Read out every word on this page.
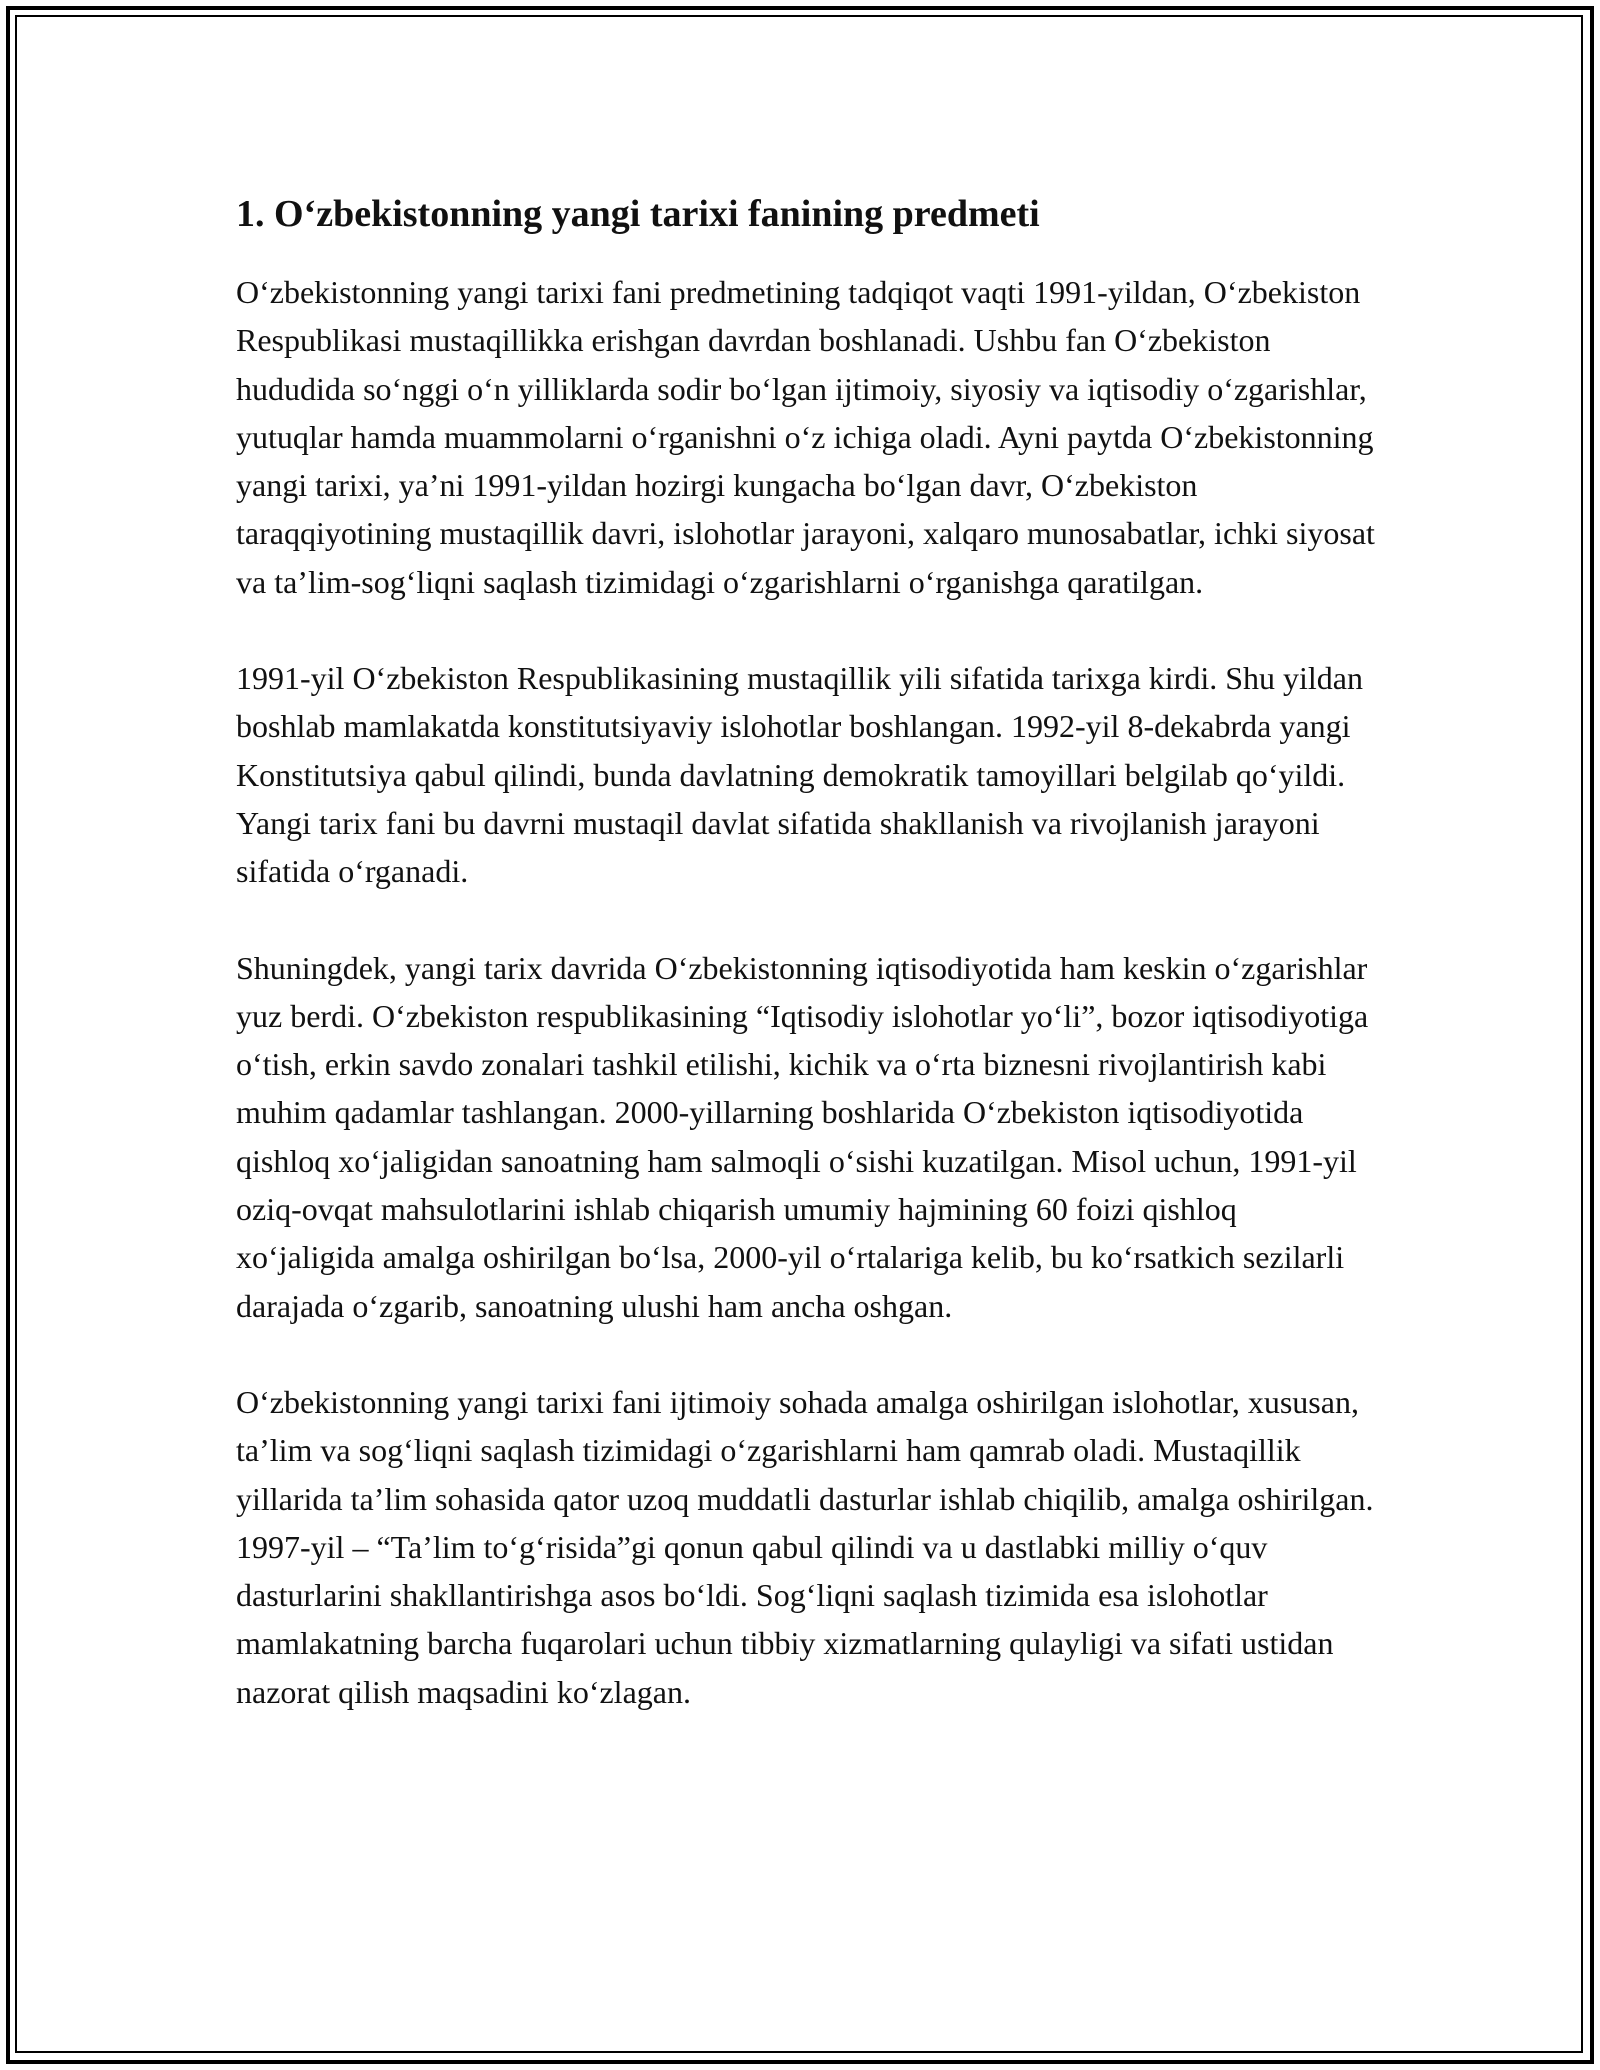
1. O‘zbekistonning yangi tarixi fanining predmeti

O‘zbekistonning yangi tarixi fani predmetining tadqiqot vaqti 1991-yildan, O‘zbekiston Respublikasi mustaqillikka erishgan davrdan boshlanadi. Ushbu fan O‘zbekiston hududida so‘nggi o‘n yilliklarda sodir bo‘lgan ijtimoiy, siyosiy va iqtisodiy o‘zgarishlar, yutuqlar hamda muammolarni o‘rganishni o‘z ichiga oladi. Ayni paytda O‘zbekistonning yangi tarixi, ya’ni 1991-yildan hozirgi kungacha bo‘lgan davr, O‘zbekiston taraqqiyotining mustaqillik davri, islohotlar jarayoni, xalqaro munosabatlar, ichki siyosat va ta’lim-sog‘liqni saqlash tizimidagi o‘zgarishlarni o‘rganishga qaratilgan.

1991-yil O‘zbekiston Respublikasining mustaqillik yili sifatida tarixga kirdi. Shu yildan boshlab mamlakatda konstitutsiyaviy islohotlar boshlangan. 1992-yil 8-dekabrda yangi Konstitutsiya qabul qilindi, bunda davlatning demokratik tamoyillari belgilab qo‘yildi. Yangi tarix fani bu davrni mustaqil davlat sifatida shakllanish va rivojlanish jarayoni sifatida o‘rganadi.

Shuningdek, yangi tarix davrida O‘zbekistonning iqtisodiyotida ham keskin o‘zgarishlar yuz berdi. O‘zbekiston respublikasining “Iqtisodiy islohotlar yo‘li”, bozor iqtisodiyotiga o‘tish, erkin savdo zonalari tashkil etilishi, kichik va o‘rta biznesni rivojlantirish kabi muhim qadamlar tashlangan. 2000-yillarning boshlarida O‘zbekiston iqtisodiyotida qishloq xo‘jaligidan sanoatning ham salmoqli o‘sishi kuzatilgan. Misol uchun, 1991-yil oziq-ovqat mahsulotlarini ishlab chiqarish umumiy hajmining 60 foizi qishloq xo‘jaligida amalga oshirilgan bo‘lsa, 2000-yil o‘rtalariga kelib, bu ko‘rsatkich sezilarli darajada o‘zgarib, sanoatning ulushi ham ancha oshgan.

O‘zbekistonning yangi tarixi fani ijtimoiy sohada amalga oshirilgan islohotlar, xususan, ta’lim va sog‘liqni saqlash tizimidagi o‘zgarishlarni ham qamrab oladi. Mustaqillik yillarida ta’lim sohasida qator uzoq muddatli dasturlar ishlab chiqilib, amalga oshirilgan. 1997-yil – “Ta’lim to‘g‘risida”gi qonun qabul qilindi va u dastlabki milliy o‘quv dasturlarini shakllantirishga asos bo‘ldi. Sog‘liqni saqlash tizimida esa islohotlar mamlakatning barcha fuqarolari uchun tibbiy xizmatlarning qulayligi va sifati ustidan nazorat qilish maqsadini ko‘zlagan.
